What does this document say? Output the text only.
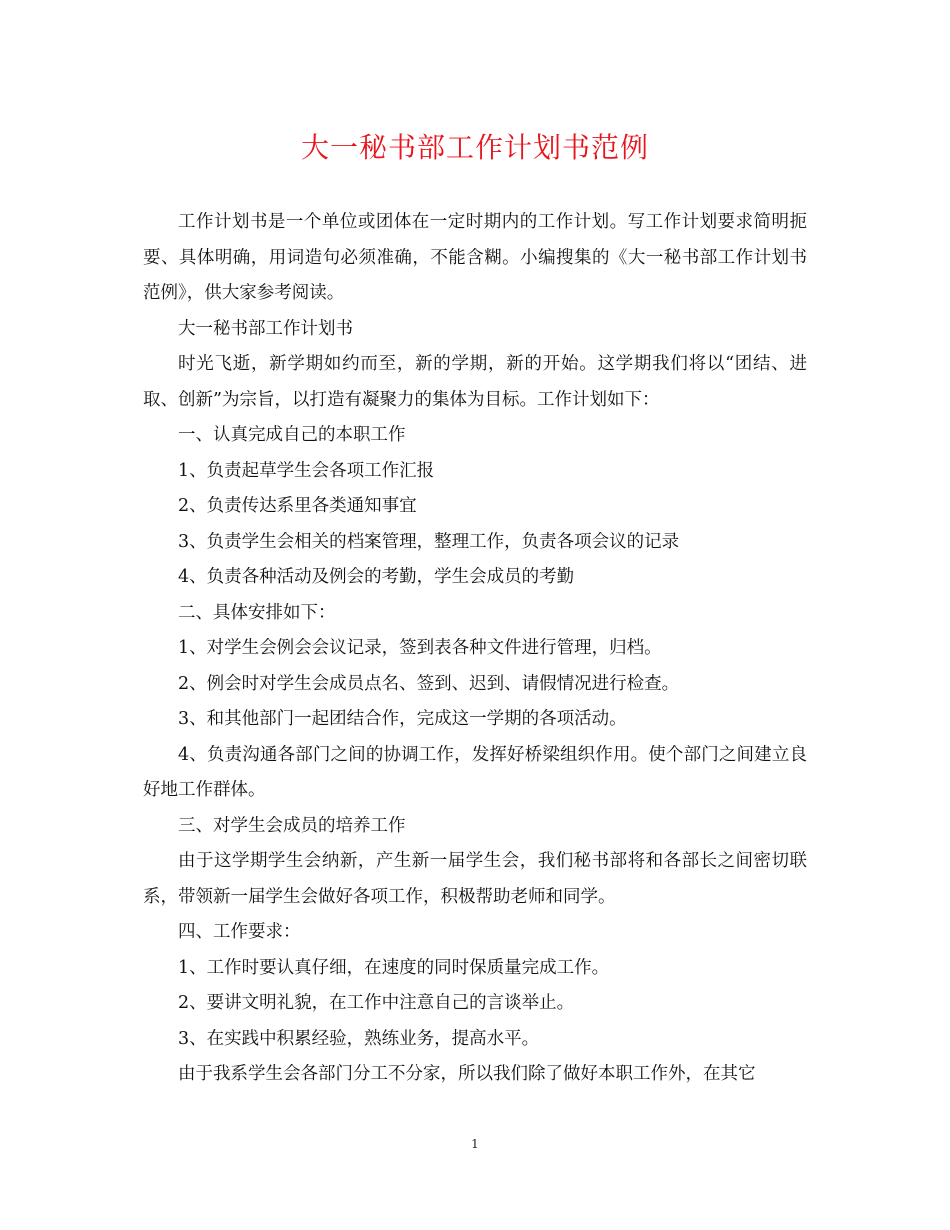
大一秘书部工作计划书范例

工作计划书是一个单位或团体在一定时期内的工作计划。写工作计划要求简明扼要、具体明确，用词造句必须准确，不能含糊。小编搜集的《大一秘书部工作计划书范例》，供大家参考阅读。

大一秘书部工作计划书

时光飞逝，新学期如约而至，新的学期，新的开始。这学期我们将以“团结、进取、创新”为宗旨，以打造有凝聚力的集体为目标。工作计划如下：

一、认真完成自己的本职工作

1、负责起草学生会各项工作汇报

2、负责传达系里各类通知事宜

3、负责学生会相关的档案管理，整理工作，负责各项会议的记录

4、负责各种活动及例会的考勤，学生会成员的考勤

二、具体安排如下：

1、对学生会例会会议记录，签到表各种文件进行管理，归档。

2、例会时对学生会成员点名、签到、迟到、请假情况进行检查。

3、和其他部门一起团结合作，完成这一学期的各项活动。

4、负责沟通各部门之间的协调工作，发挥好桥梁组织作用。使个部门之间建立良好地工作群体。

三、对学生会成员的培养工作

由于这学期学生会纳新，产生新一届学生会，我们秘书部将和各部长之间密切联系，带领新一届学生会做好各项工作，积极帮助老师和同学。

四、工作要求：

1、工作时要认真仔细，在速度的同时保质量完成工作。

2、要讲文明礼貌，在工作中注意自己的言谈举止。

3、在实践中积累经验，熟练业务，提高水平。

由于我系学生会各部门分工不分家，所以我们除了做好本职工作外，在其它

1
